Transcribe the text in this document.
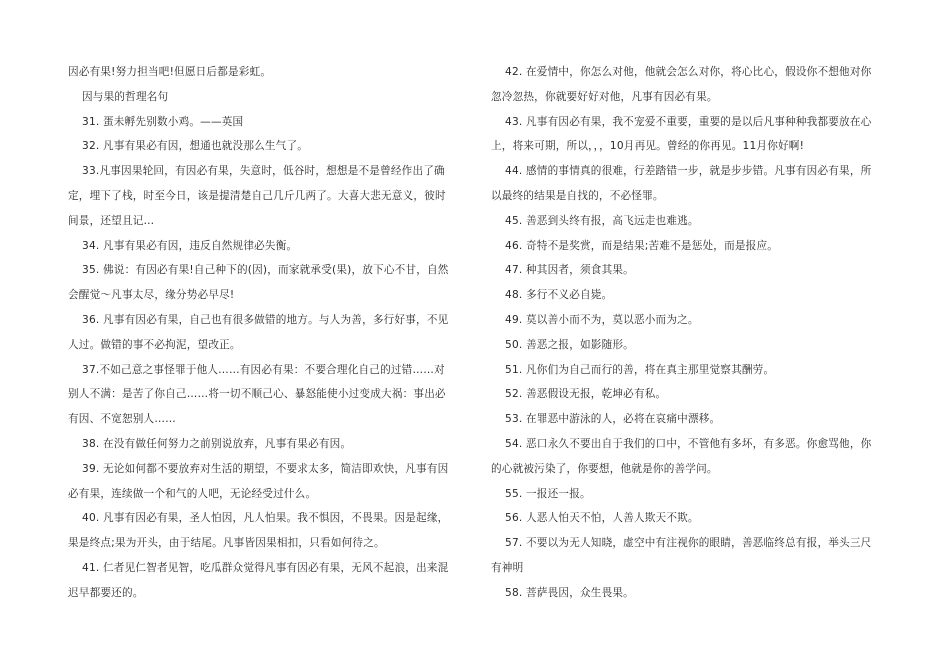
因必有果!努力担当吧!但愿日后都是彩虹。

因与果的哲理名句

31. 蛋未孵先别数小鸡。——英国

32. 凡事有果必有因，想通也就没那么生气了。

33.凡事因果轮回，有因必有果，失意时，低谷时，想想是不是曾经作出了确定，埋下了栈，时至今日，该是提清楚自己几斤几两了。大喜大悲无意义，彼时间景，还望且记…

34. 凡事有果必有因，违反自然规律必失衡。

35. 佛说：有因必有果!自己种下的(因)，而家就承受(果)，放下心不甘，自然会醒觉～凡事太尽，缘分势必早尽!

36. 凡事有因必有果，自己也有很多做错的地方。与人为善，多行好事，不见人过。做错的事不必拘泥，望改正。

37.不如己意之事怪罪于他人……有因必有果：不要合理化自己的过错……对别人不满：是苦了你自己……将一切不顺己心、暴怒能使小过变成大祸：事出必有因、不宽恕别人……

38. 在没有做任何努力之前别说放弃，凡事有果必有因。

39. 无论如何都不要放弃对生活的期望，不要求太多，简洁即欢快，凡事有因必有果，连续做一个和气的人吧，无论经受过什么。

40. 凡事有因必有果，圣人怕因，凡人怕果。我不惧因，不畏果。因是起缘，果是终点;果为开头，由于结尾。凡事皆因果相扣，只看如何待之。

41. 仁者见仁智者见智，吃瓜群众觉得凡事有因必有果，无风不起浪，出来混迟早都要还的。

42. 在爱情中，你怎么对他，他就会怎么对你，将心比心，假设你不想他对你忽冷忽热，你就要好好对他，凡事有因必有果。

43. 凡事有因必有果，我不宠爱不重要，重要的是以后凡事种种我都要放在心上，将来可期，所以，，，10月再见。曾经的你再见。11月你好啊!

44. 感情的事情真的很难，行差踏错一步，就是步步错。凡事有因必有果，所以最终的结果是自找的，不必怪罪。

45. 善恶到头终有报，高飞远走也难逃。

46. 奇特不是奖赏，而是结果;苦难不是惩处，而是报应。

47. 种其因者，须食其果。

48. 多行不义必自毙。

49. 莫以善小而不为，莫以恶小而为之。

50. 善恶之报，如影随形。

51. 凡你们为自己而行的善，将在真主那里觉察其酬劳。

52. 善恶假设无报，乾坤必有私。

53. 在罪恶中游泳的人，必将在哀痛中漂移。

54. 恶口永久不要出自于我们的口中，不管他有多坏，有多恶。你愈骂他，你的心就被污染了，你要想，他就是你的善学问。

55. 一报还一报。

56. 人恶人怕天不怕，人善人欺天不欺。

57. 不要以为无人知晓，虚空中有注视你的眼睛，善恶临终总有报，举头三尺有神明

58. 菩萨畏因，众生畏果。
